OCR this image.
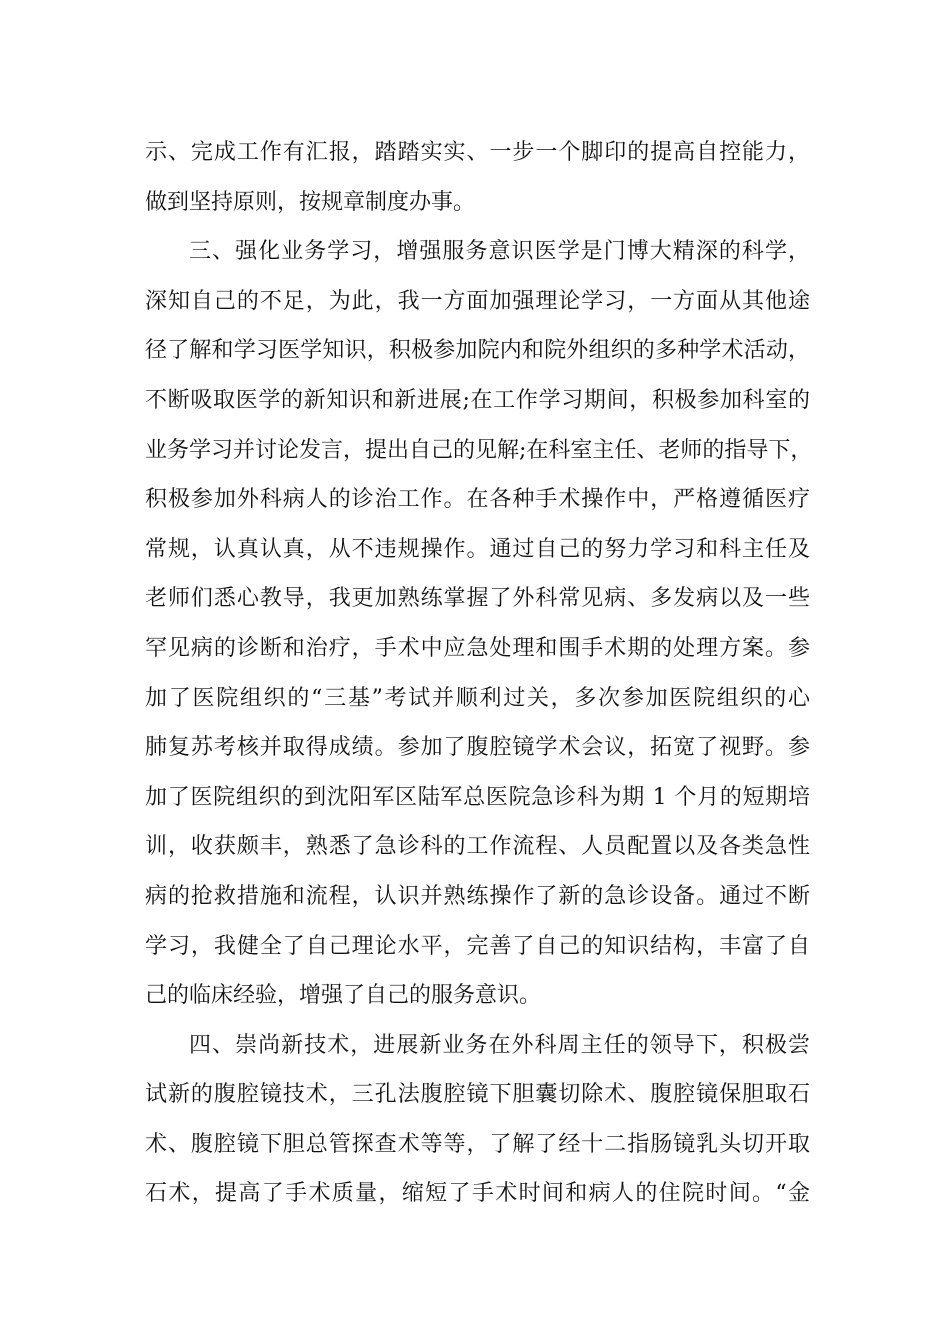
示、完成工作有汇报，踏踏实实、一步一个脚印的提高自控能力，
做到坚持原则，按规章制度办事。
三、强化业务学习，增强服务意识医学是门博大精深的科学，
深知自己的不足，为此，我一方面加强理论学习，一方面从其他途
径了解和学习医学知识，积极参加院内和院外组织的多种学术活动，
不断吸取医学的新知识和新进展;在工作学习期间，积极参加科室的
业务学习并讨论发言，提出自己的见解;在科室主任、老师的指导下，
积极参加外科病人的诊治工作。在各种手术操作中，严格遵循医疗
常规，认真认真，从不违规操作。通过自己的努力学习和科主任及
老师们悉心教导，我更加熟练掌握了外科常见病、多发病以及一些
罕见病的诊断和治疗，手术中应急处理和围手术期的处理方案。参
加了医院组织的“三基”考试并顺利过关，多次参加医院组织的心
肺复苏考核并取得成绩。参加了腹腔镜学术会议，拓宽了视野。参
加了医院组织的到沈阳军区陆军总医院急诊科为期 1 个月的短期培
训，收获颇丰，熟悉了急诊科的工作流程、人员配置以及各类急性
病的抢救措施和流程，认识并熟练操作了新的急诊设备。通过不断
学习，我健全了自己理论水平，完善了自己的知识结构，丰富了自
己的临床经验，增强了自己的服务意识。
四、崇尚新技术，进展新业务在外科周主任的领导下，积极尝
试新的腹腔镜技术，三孔法腹腔镜下胆囊切除术、腹腔镜保胆取石
术、腹腔镜下胆总管探查术等等，了解了经十二指肠镜乳头切开取
石术，提高了手术质量，缩短了手术时间和病人的住院时间。“金
